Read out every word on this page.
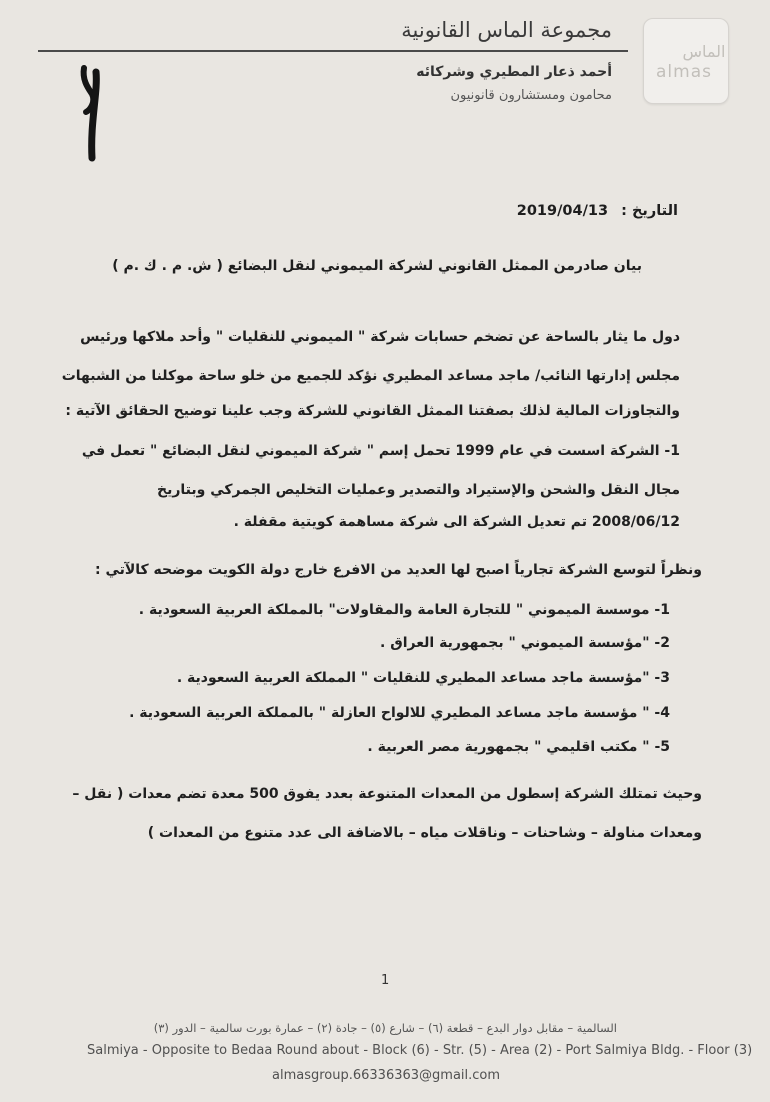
الماس
almas
مجموعة الماس القانونية
أحمد ذعار المطيري وشركائه
محامون ومستشارون قانونيون
التاريخ : 2019/04/13
بيان صادرمن الممثل القانوني لشركة الميموني لنقل البضائع ( ش. م . ك .م )
دول ما يثار بالساحة عن تضخم حسابات شركة " الميموني للنقليات " وأحد ملاكها ورئيس
مجلس إدارتها النائب/ ماجد مساعد المطيري نؤكد للجميع من خلو ساحة موكلنا من الشبهات
والتجاوزات المالية لذلك بصفتنا الممثل القانوني للشركة وجب علينا توضيح الحقائق الآتية :
1- الشركة اسست في عام 1999 تحمل إسم " شركة الميموني لنقل البضائع " تعمل في
مجال النقل والشحن والإستيراد والتصدير وعمليات التخليص الجمركي وبتاريخ
2008/06/12 تم تعديل الشركة الى شركة مساهمة كويتية مقفلة .
ونظراً لتوسع الشركة تجارياً اصبح لها العديد من الافرع خارج دولة الكويت موضحه كالآتي :
1- موسسة الميموني " للتجارة العامة والمقاولات" بالمملكة العربية السعودية .
2- "مؤسسة الميموني " بجمهورية العراق .
3- "مؤسسة ماجد مساعد المطيري للنقليات " المملكة العربية السعودية .
4- " مؤسسة ماجد مساعد المطيري للالواح العازلة " بالمملكة العربية السعودية .
5- " مكتب اقليمي " بجمهورية مصر العربية .
وحيث تمتلك الشركة إسطول من المعدات المتنوعة بعدد يفوق 500 معدة تضم معدات ( نقل –
ومعدات مناولة – وشاحنات – وناقلات مياه – بالاضافة الى عدد متنوع من المعدات )
1
السالمية – مقابل دوار البدع – قطعة (٦) – شارع (٥) – جادة (٢) – عمارة بورت سالمية – الدور (٣)
Salmiya - Opposite to Bedaa Round about - Block (6) - Str. (5) - Area (2) - Port Salmiya Bldg. - Floor (3)
almasgroup.66336363@gmail.com
